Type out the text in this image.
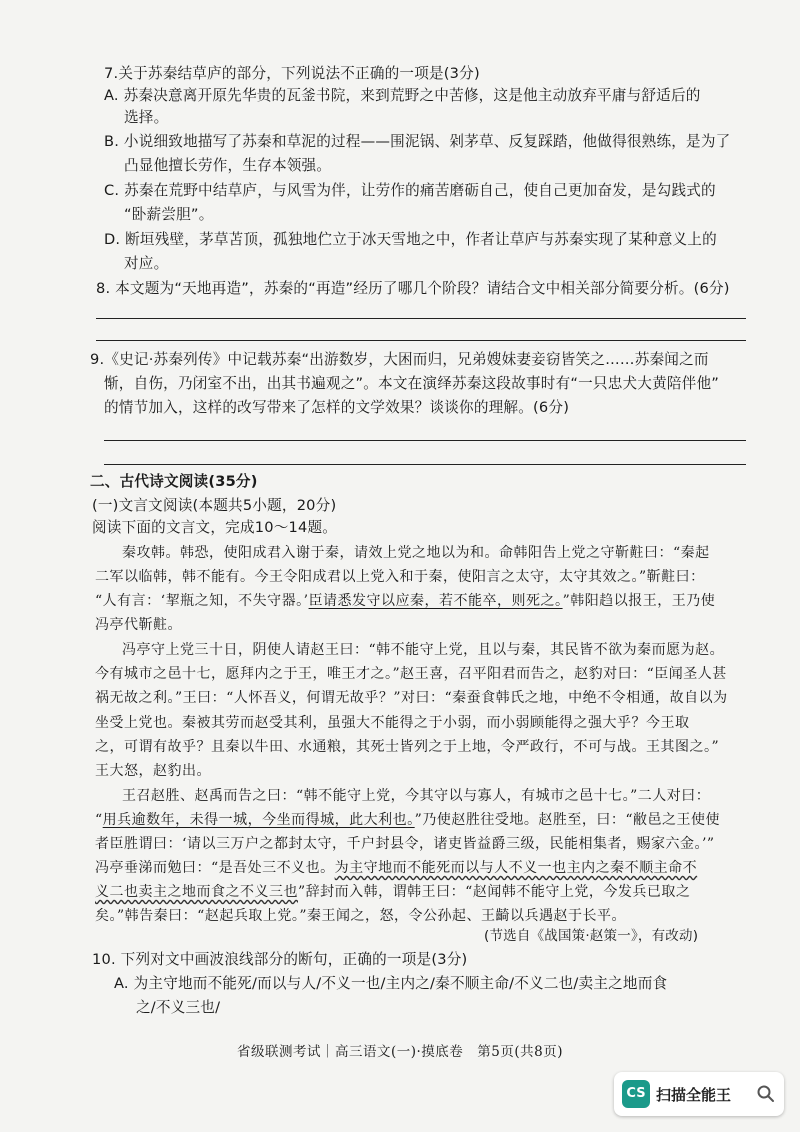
7.关于苏秦结草庐的部分，下列说法不正确的一项是(3分)
A. 苏秦决意离开原先华贵的瓦釜书院，来到荒野之中苦修，这是他主动放弃平庸与舒适后的
选择。
B. 小说细致地描写了苏秦和草泥的过程——围泥锅、剁茅草、反复踩踏，他做得很熟练，是为了
凸显他擅长劳作，生存本领强。
C. 苏秦在荒野中结草庐，与风雪为伴，让劳作的痛苦磨砺自己，使自己更加奋发，是勾践式的
“卧薪尝胆”。
D. 断垣残壁，茅草苫顶，孤独地伫立于冰天雪地之中，作者让草庐与苏秦实现了某种意义上的
对应。
8. 本文题为“天地再造”，苏秦的“再造”经历了哪几个阶段？请结合文中相关部分简要分析。(6分)
9.《史记·苏秦列传》中记载苏秦“出游数岁，大困而归，兄弟嫂妹妻妾窃皆笑之……苏秦闻之而
惭，自伤，乃闭室不出，出其书遍观之”。本文在演绎苏秦这段故事时有“一只忠犬大黄陪伴他”
的情节加入，这样的改写带来了怎样的文学效果？谈谈你的理解。(6分)
二、古代诗文阅读(35分)
(一)文言文阅读(本题共5小题，20分)
阅读下面的文言文，完成10～14题。
秦攻韩。韩恐，使阳成君入谢于秦，请效上党之地以为和。命韩阳告上党之守靳黈曰：“秦起
二军以临韩，韩不能有。今王令阳成君以上党入和于秦，使阳言之太守，太守其效之。”靳黈曰：
“人有言：‘挈瓶之知，不失守器。’臣请悉发守以应秦，若不能卒，则死之。”韩阳趋以报王，王乃使
冯亭代靳黈。
冯亭守上党三十日，阴使人请赵王曰：“韩不能守上党，且以与秦，其民皆不欲为秦而愿为赵。
今有城市之邑十七，愿拜内之于王，唯王才之。”赵王喜，召平阳君而告之，赵豹对曰：“臣闻圣人甚
祸无故之利。”王曰：“人怀吾义，何谓无故乎？”对曰：“秦蚕食韩氏之地，中绝不令相通，故自以为
坐受上党也。秦被其劳而赵受其利，虽强大不能得之于小弱，而小弱顾能得之强大乎？今王取
之，可谓有故乎？且秦以牛田、水通粮，其死士皆列之于上地，令严政行，不可与战。王其图之。”
王大怒，赵豹出。
王召赵胜、赵禹而告之曰：“韩不能守上党，今其守以与寡人，有城市之邑十七。”二人对曰：
“用兵逾数年，未得一城，今坐而得城，此大利也。”乃使赵胜往受地。赵胜至，曰：“敝邑之王使使
者臣胜谓曰：‘请以三万户之都封太守，千户封县令，诸吏皆益爵三级，民能相集者，赐家六金。’”
冯亭垂涕而勉曰：“是吾处三不义也。为主守地而不能死而以与人不义一也主内之秦不顺主命不
义二也卖主之地而食之不义三也”辞封而入韩，谓韩王曰：“赵闻韩不能守上党，今发兵已取之
矣。”韩告秦曰：“赵起兵取上党。”秦王闻之，怒，令公孙起、王齮以兵遇赵于长平。
(节选自《战国策·赵策一》，有改动)
10. 下列对文中画波浪线部分的断句，正确的一项是(3分)
A. 为主守地而不能死/而以与人/不义一也/主内之/秦不顺主命/不义二也/卖主之地而食
之/不义三也/
省级联测考试｜高三语文(一)·摸底卷　第5页(共8页)
CS 扫描全能王
